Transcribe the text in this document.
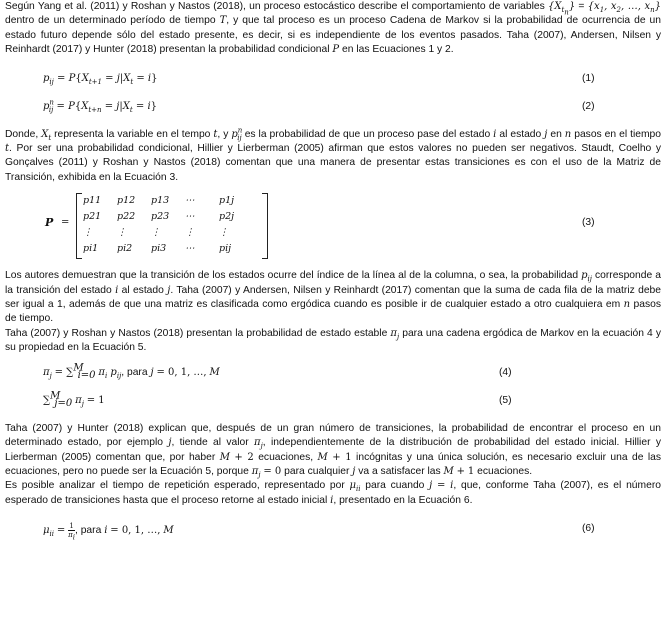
Según Yang et al. (2011) y Roshan y Nastos (2018), un proceso estocástico describe el comportamiento de variables $\{X_{t_n}\} = \{x_1$, $x_2$, …, $x_n$} dentro de un determinado período de tiempo T, y que tal proceso es un proceso Cadena de Markov si la probabilidad de ocurrencia de un estado futuro depende sólo del estado presente, es decir, si es independiente de los eventos pasados. Taha (2007), Andersen, Nilsen y Reinhardt (2017) y Hunter (2018) presentan la probabilidad condicional P en las Ecuaciones 1 y 2.

$p_{ij} = P\{X_{t+1} = j|X_t = i\}$	(1)
$p^n_{ij} = P\{X_{t+n} = j|X_t = i\}$	(2)

Donde, $X_t$ representa la variable en el tempo t, y $p^n_{ij}$ es la probabilidad de que un proceso pase del estado i al estado j en n pasos en el tiempo t. Por ser una probabilidad condicional, Hillier y Lierberman (2005) afirman que estos valores no pueden ser negativos. Staudt, Coelho y Gonçalves (2011) y Roshan y Nastos (2018) comentan que una manera de presentar estas transiciones es con el uso de la Matriz de Transición, exhibida en la Ecuación 3.

P =
p11	p12	p13	⋯	p1j
p21	p22	p23	⋯	p2j
⋮	⋮	⋮	⋮	⋮
pi1	pi2	pi3	⋯	pij
(3)

Los autores demuestran que la transición de los estados ocurre del índice de la línea al de la columna, o sea, la probabilidad $p_{ij}$ corresponde a la transición del estado i al estado j. Taha (2007) y Andersen, Nilsen y Reinhardt (2017) comentan que la suma de cada fila de la matriz debe ser igual a 1, además de que una matriz es clasificada como ergódica cuando es posible ir de cualquier estado a otro cualquiera em n pasos de tiempo.

Taha (2007) y Roshan y Nastos (2018) presentan la probabilidad de estado estable $\pi_j$ para una cadena ergódica de Markov en la ecuación 4 y su propiedad en la Ecuación 5.

$\pi_j = \sum^M_{i=0}$ $\pi_i$ $p_{ij}$, para j = 0, 1, …, M	(4)
∑$^M_{j=0}$ $\pi_j = 1$	(5)

Taha (2007) y Hunter (2018) explican que, después de un gran número de transiciones, la probabilidad de encontrar el proceso en un determinado estado, por ejemplo j, tiende al valor $\pi_j$, independientemente de la distribución de probabilidad del estado inicial. Hillier y Lierberman (2005) comentan que, por haber M + 2 ecuaciones, M + 1 incógnitas y una única solución, es necesario excluir una de las ecuaciones, pero no puede ser la Ecuación 5, porque $\pi_j = 0$ para cualquier j va a satisfacer las M + 1 ecuaciones.

Es posible analizar el tiempo de repetición esperado, representado por $\mu_{ii}$ para cuando j = i, que, conforme Taha (2007), es el número esperado de transiciones hasta que el proceso retorne al estado inicial i, presentado en la Ecuación 6.

$\mu_{ii} = \frac{1}{\pi_i}$ , para i = 0, 1, …, M	(6)
